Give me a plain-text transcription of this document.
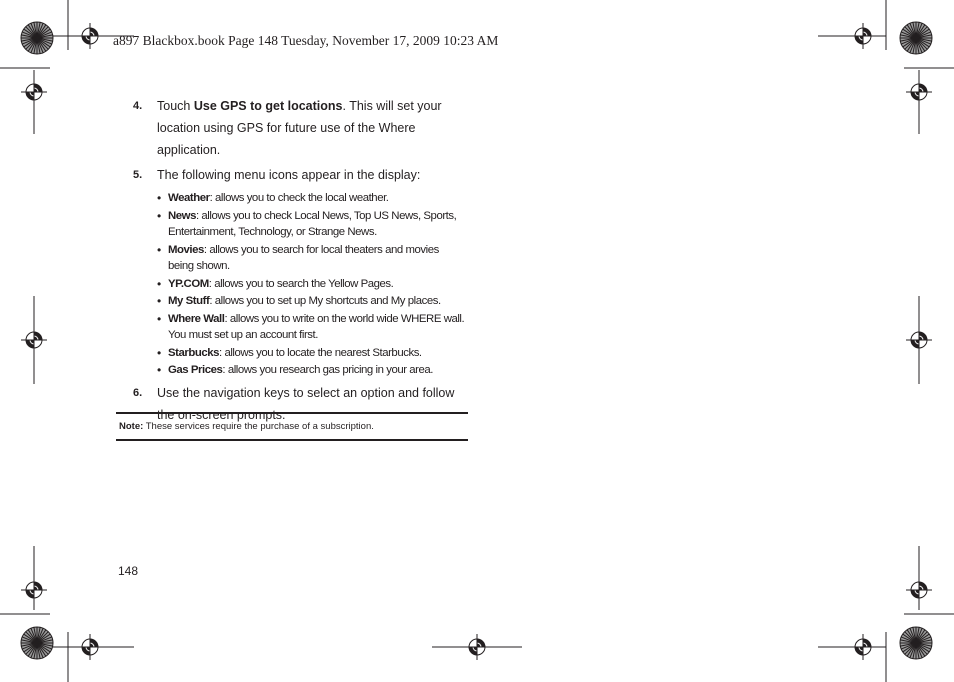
a897 Blackbox.book Page 148 Tuesday, November 17, 2009 10:23 AM
4. Touch Use GPS to get locations. This will set your location using GPS for future use of the Where application.
5. The following menu icons appear in the display:
• Weather: allows you to check the local weather.
• News: allows you to check Local News, Top US News, Sports, Entertainment, Technology, or Strange News.
• Movies: allows you to search for local theaters and movies being shown.
• YP.COM: allows you to search the Yellow Pages.
• My Stuff: allows you to set up My shortcuts and My places.
• Where Wall: allows you to write on the world wide WHERE wall. You must set up an account first.
• Starbucks: allows you to locate the nearest Starbucks.
• Gas Prices: allows you research gas pricing in your area.
6. Use the navigation keys to select an option and follow the on-screen prompts.
Note: These services require the purchase of a subscription.
148
